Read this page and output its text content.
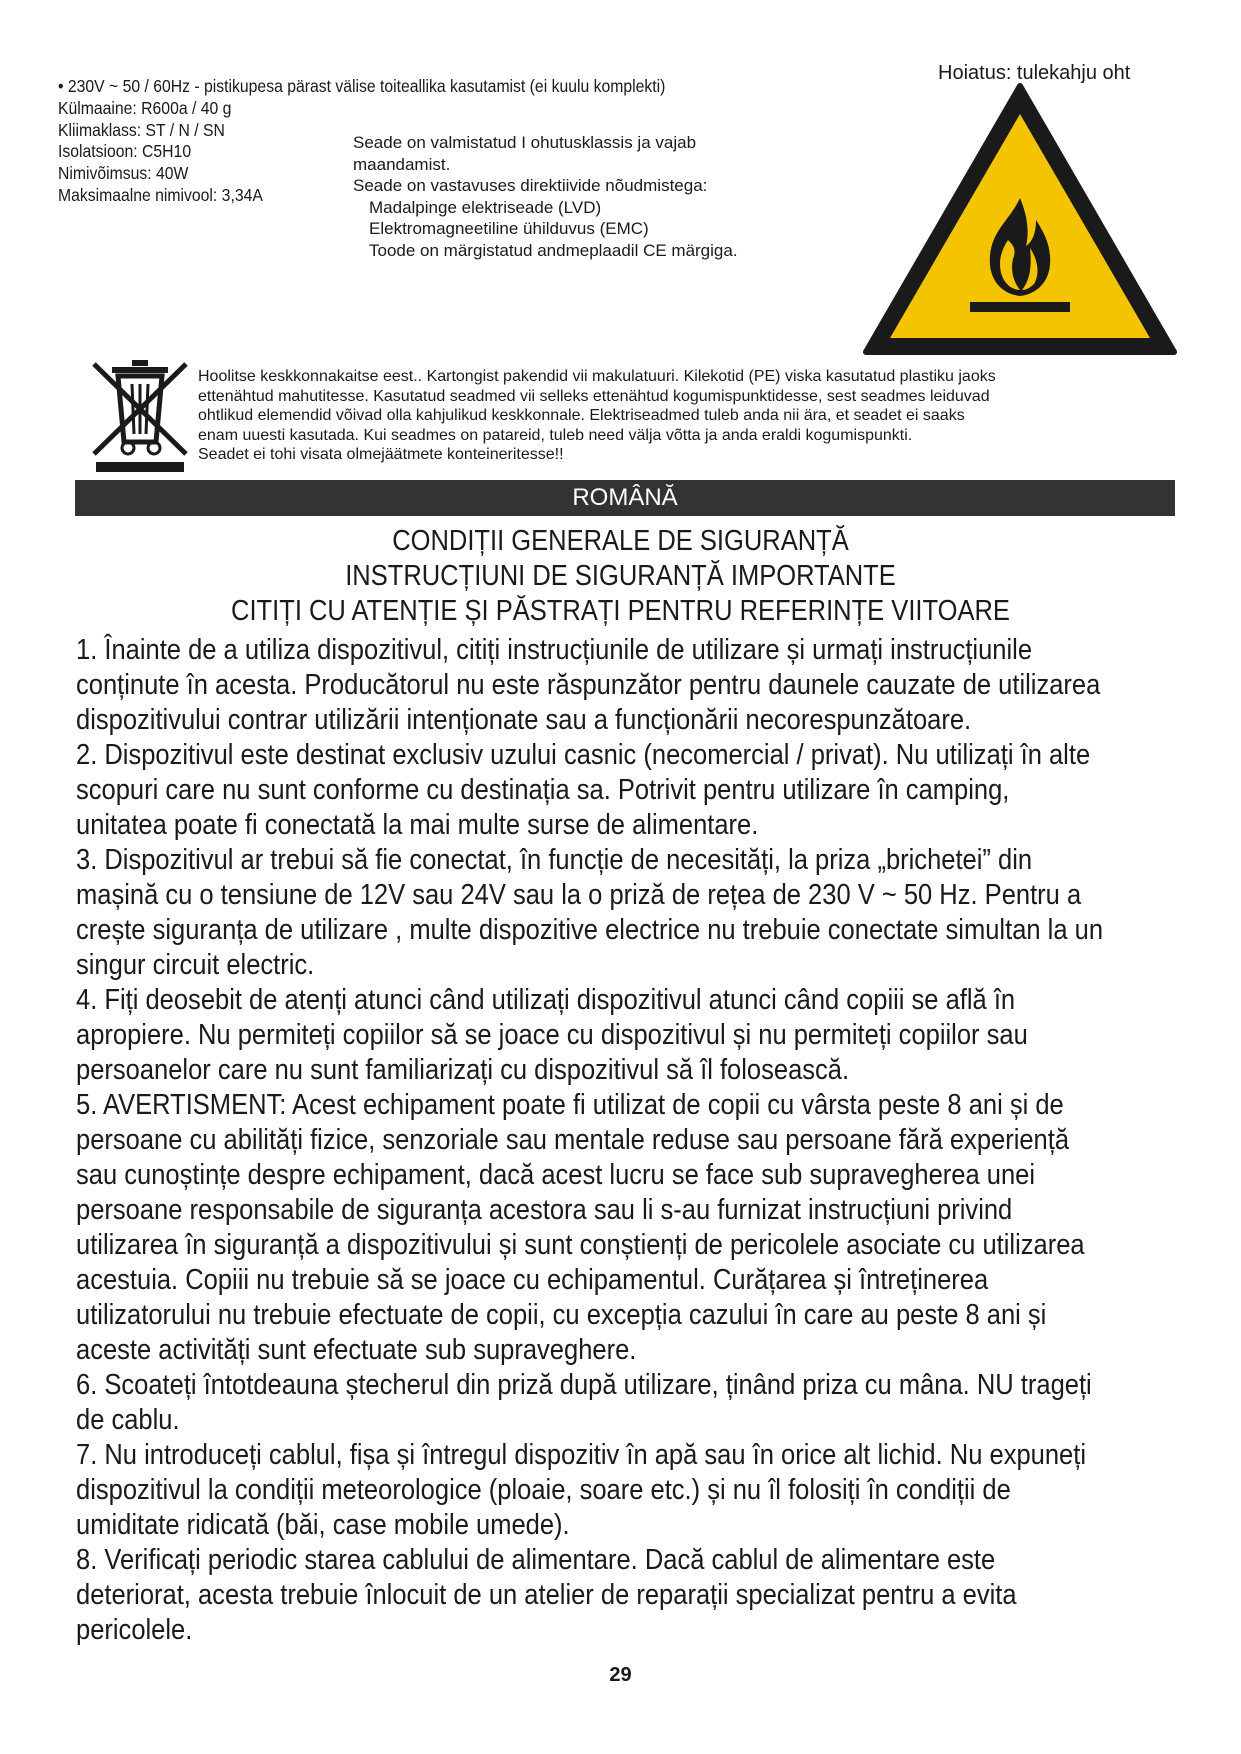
• 230V ~ 50 / 60Hz - pistikupesa pärast välise toiteallika kasutamist (ei kuulu komplekti)
Külmaaine: R600a / 40 g
Kliimaklass: ST / N / SN
Isolatsioon: C5H10
Nimivõimsus: 40W
Maksimaalne nimivool: 3,34A
Seade on valmistatud I ohutusklassis ja vajab
maandamist.
Seade on vastavuses direktiivide nõudmistega:
Madalpinge elektriseade (LVD)
Elektromagneetiline ühilduvus (EMC)
Toode on märgistatud andmeplaadil CE märgiga.
Hoiatus: tulekahju oht
Hoolitse keskkonnakaitse eest.. Kartongist pakendid vii makulatuuri. Kilekotid (PE) viska kasutatud plastiku jaoks
ettenähtud mahutitesse. Kasutatud seadmed vii selleks ettenähtud kogumispunktidesse, sest seadmes leiduvad
ohtlikud elemendid võivad olla kahjulikud keskkonnale. Elektriseadmed tuleb anda nii ära, et seadet ei saaks
enam uuesti kasutada. Kui seadmes on patareid, tuleb need välja võtta ja anda eraldi kogumispunkti.
Seadet ei tohi visata olmejäätmete konteineritesse!!
ROMÂNĂ
CONDIȚII GENERALE DE SIGURANȚĂ
INSTRUCȚIUNI DE SIGURANȚĂ IMPORTANTE
CITIȚI CU ATENȚIE ȘI PĂSTRAȚI PENTRU REFERINȚE VIITOARE
1. Înainte de a utiliza dispozitivul, citiți instrucțiunile de utilizare și urmați instrucțiunile
conținute în acesta. Producătorul nu este răspunzător pentru daunele cauzate de utilizarea
dispozitivului contrar utilizării intenționate sau a funcționării necorespunzătoare.
2. Dispozitivul este destinat exclusiv uzului casnic (necomercial / privat). Nu utilizați în alte
scopuri care nu sunt conforme cu destinația sa. Potrivit pentru utilizare în camping,
unitatea poate fi conectată la mai multe surse de alimentare.
3. Dispozitivul ar trebui să fie conectat, în funcție de necesități, la priza „brichetei” din
mașină cu o tensiune de 12V sau 24V sau la o priză de rețea de 230 V ~ 50 Hz. Pentru a
crește siguranța de utilizare , multe dispozitive electrice nu trebuie conectate simultan la un
singur circuit electric.
4. Fiți deosebit de atenți atunci când utilizați dispozitivul atunci când copiii se află în
apropiere. Nu permiteți copiilor să se joace cu dispozitivul și nu permiteți copiilor sau
persoanelor care nu sunt familiarizați cu dispozitivul să îl folosească.
5. AVERTISMENT: Acest echipament poate fi utilizat de copii cu vârsta peste 8 ani și de
persoane cu abilități fizice, senzoriale sau mentale reduse sau persoane fără experiență
sau cunoștințe despre echipament, dacă acest lucru se face sub supravegherea unei
persoane responsabile de siguranța acestora sau li s-au furnizat instrucțiuni privind
utilizarea în siguranță a dispozitivului și sunt conștienți de pericolele asociate cu utilizarea
acestuia. Copiii nu trebuie să se joace cu echipamentul. Curățarea și întreținerea
utilizatorului nu trebuie efectuate de copii, cu excepția cazului în care au peste 8 ani și
aceste activități sunt efectuate sub supraveghere.
6. Scoateți întotdeauna ștecherul din priză după utilizare, ținând priza cu mâna. NU trageți
de cablu.
7. Nu introduceți cablul, fișa și întregul dispozitiv în apă sau în orice alt lichid. Nu expuneți
dispozitivul la condiții meteorologice (ploaie, soare etc.) și nu îl folosiți în condiții de
umiditate ridicată (băi, case mobile umede).
8. Verificați periodic starea cablului de alimentare. Dacă cablul de alimentare este
deteriorat, acesta trebuie înlocuit de un atelier de reparații specializat pentru a evita
pericolele.
29
